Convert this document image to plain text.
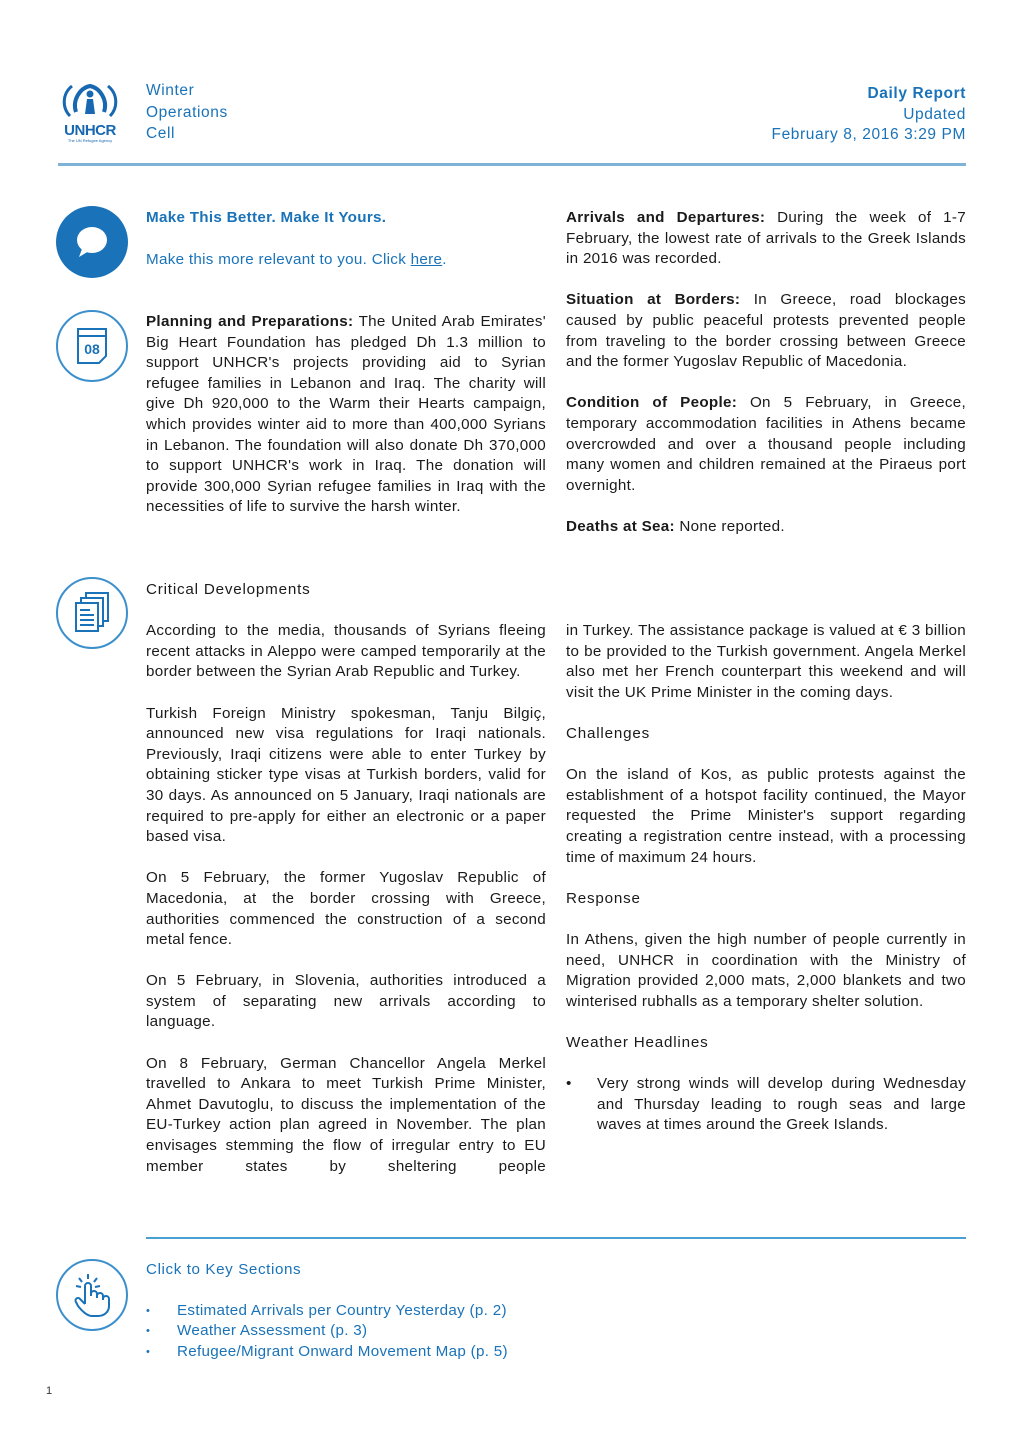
UNHCR
The UN Refugee Agency
Winter
Operations
Cell
Daily Report
Updated
February 8, 2016 3:29 PM
Make This Better. Make It Yours.
Make this more relevant to you. Click here.
08
Planning and Preparations: The United Arab Emirates' Big Heart Foundation has pledged Dh 1.3 million to support UNHCR's projects providing aid to Syrian refugee families in Lebanon and Iraq. The charity will give Dh 920,000 to the Warm their Hearts campaign, which provides winter aid to more than 400,000 Syrians in Lebanon. The foundation will also donate Dh 370,000 to support UNHCR's work in Iraq. The donation will provide 300,000 Syrian refugee families in Iraq with the necessities of life to survive the harsh winter.
Arrivals and Departures: During the week of 1-7 February, the lowest rate of arrivals to the Greek Islands in 2016 was recorded.
Situation at Borders: In Greece, road blockages caused by public peaceful protests prevented people from traveling to the border crossing between Greece and the former Yugoslav Republic of Macedonia.
Condition of People: On 5 February, in Greece, temporary accommodation facilities in Athens became overcrowded and over a thousand people including many women and children remained at the Piraeus port overnight.
Deaths at Sea: None reported.
Critical Developments
According to the media, thousands of Syrians fleeing recent attacks in Aleppo were camped temporarily at the border between the Syrian Arab Republic and Turkey.
Turkish Foreign Ministry spokesman, Tanju Bilgiç, announced new visa regulations for Iraqi nationals. Previously, Iraqi citizens were able to enter Turkey by obtaining sticker type visas at Turkish borders, valid for 30 days. As announced on 5 January, Iraqi nationals are required to pre-apply for either an electronic or a paper based visa.
On 5 February, the former Yugoslav Republic of Macedonia, at the border crossing with Greece, authorities commenced the construction of a second metal fence.
On 5 February, in Slovenia, authorities introduced a system of separating new arrivals according to language.
On 8 February, German Chancellor Angela Merkel travelled to Ankara to meet Turkish Prime Minister, Ahmet Davutoglu, to discuss the implementation of the EU-Turkey action plan agreed in November. The plan envisages stemming the flow of irregular entry to EU member states by sheltering people
in Turkey. The assistance package is valued at € 3 billion to be provided to the Turkish government. Angela Merkel also met her French counterpart this weekend and will visit the UK Prime Minister in the coming days.
Challenges
On the island of Kos, as public protests against the establishment of a hotspot facility continued, the Mayor requested the Prime Minister's support regarding creating a registration centre instead, with a processing time of maximum 24 hours.
Response
In Athens, given the high number of people currently in need, UNHCR in coordination with the Ministry of Migration provided 2,000 mats, 2,000 blankets and two winterised rubhalls as a temporary shelter solution.
Weather Headlines
• Very strong winds will develop during Wednesday and Thursday leading to rough seas and large waves at times around the Greek Islands.
Click to Key Sections
• Estimated Arrivals per Country Yesterday (p. 2)
• Weather Assessment (p. 3)
• Refugee/Migrant Onward Movement Map (p. 5)
1
